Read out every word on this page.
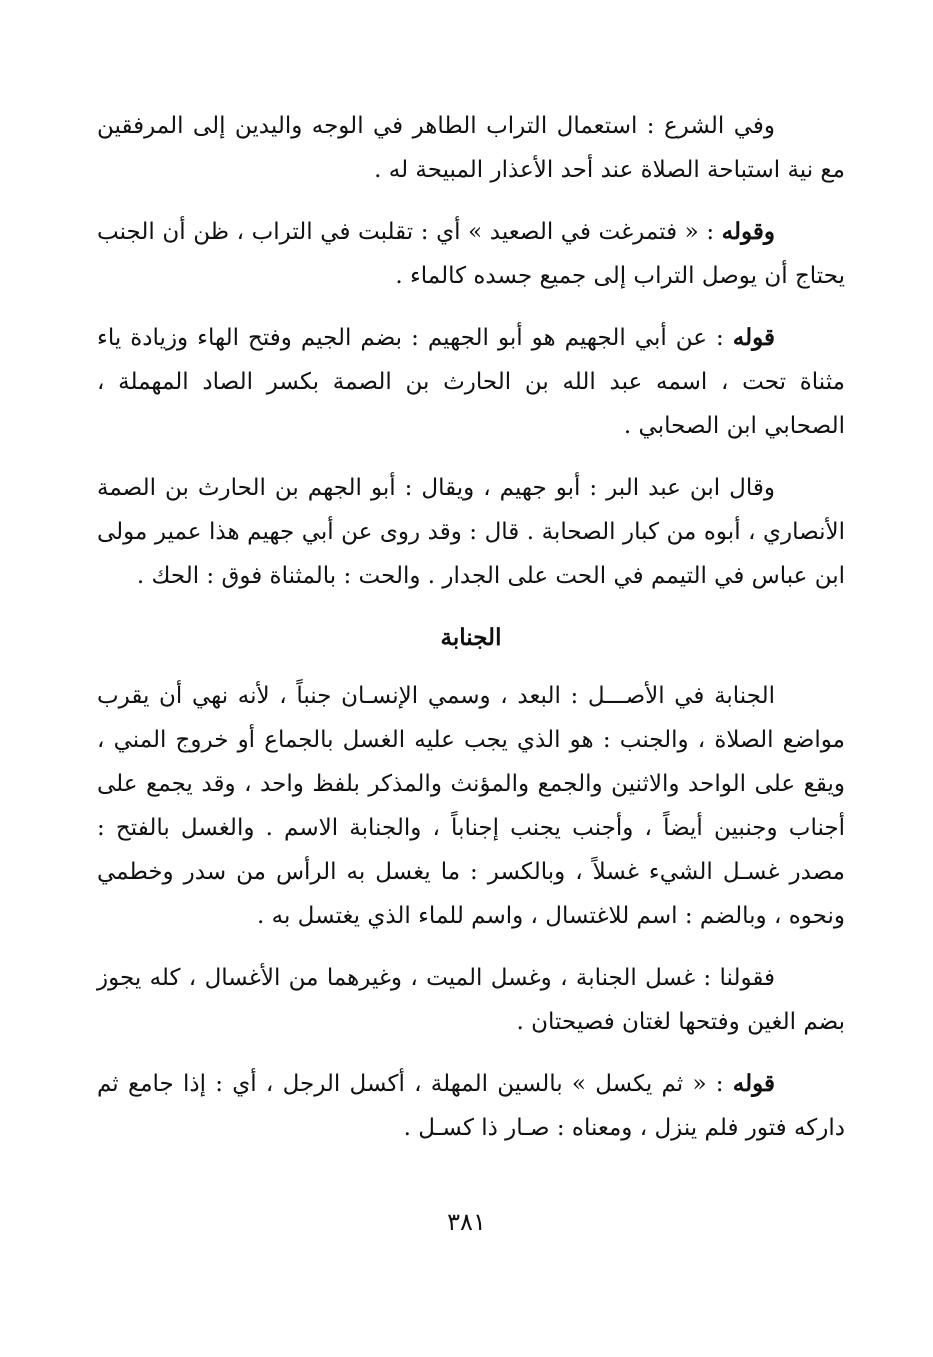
وفي الشرع : استعمال التراب الطاهر في الوجه واليدين إلى المرفقين مع نية استباحة الصلاة عند أحد الأعذار المبيحة له .

وقوله : « فتمرغت في الصعيد » أي : تقلبت في التراب ، ظن أن الجنب يحتاج أن يوصل التراب إلى جميع جسده كالماء .

قوله : عن أبي الجهيم هو أبو الجهيم : بضم الجيم وفتح الهاء وزيادة ياء مثناة تحت ، اسمه عبد الله بن الحارث بن الصمة بكسر الصاد المهملة ، الصحابي ابن الصحابي .

وقال ابن عبد البر : أبو جهيم ، ويقال : أبو الجهم بن الحارث بن الصمة الأنصاري ، أبوه من كبار الصحابة . قال : وقد روى عن أبي جهيم هذا عمير مولى ابن عباس في التيمم في الحت على الجدار . والحت : بالمثناة فوق : الحك .

الجنابة

الجنابة في الأصـــل : البعد ، وسمي الإنسـان جنباً ، لأنه نهي أن يقرب مواضع الصلاة ، والجنب : هو الذي يجب عليه الغسل بالجماع أو خروج المني ، ويقع على الواحد والاثنين والجمع والمؤنث والمذكر بلفظ واحد ، وقد يجمع على أجناب وجنبين أيضاً ، وأجنب يجنب إجناباً ، والجنابة الاسم . والغسل بالفتح : مصدر غسـل الشيء غسلاً ، وبالكسر : ما يغسل به الرأس من سدر وخطمي ونحوه ، وبالضم : اسم للاغتسال ، واسم للماء الذي يغتسل به .

فقولنا : غسل الجنابة ، وغسل الميت ، وغيرهما من الأغسال ، كله يجوز بضم الغين وفتحها لغتان فصيحتان .

قوله : « ثم يكسل » بالسين المهلة ، أكسل الرجل ، أي : إذا جامع ثم داركه فتور فلم ينزل ، ومعناه : صـار ذا كسـل .

٣٨١
